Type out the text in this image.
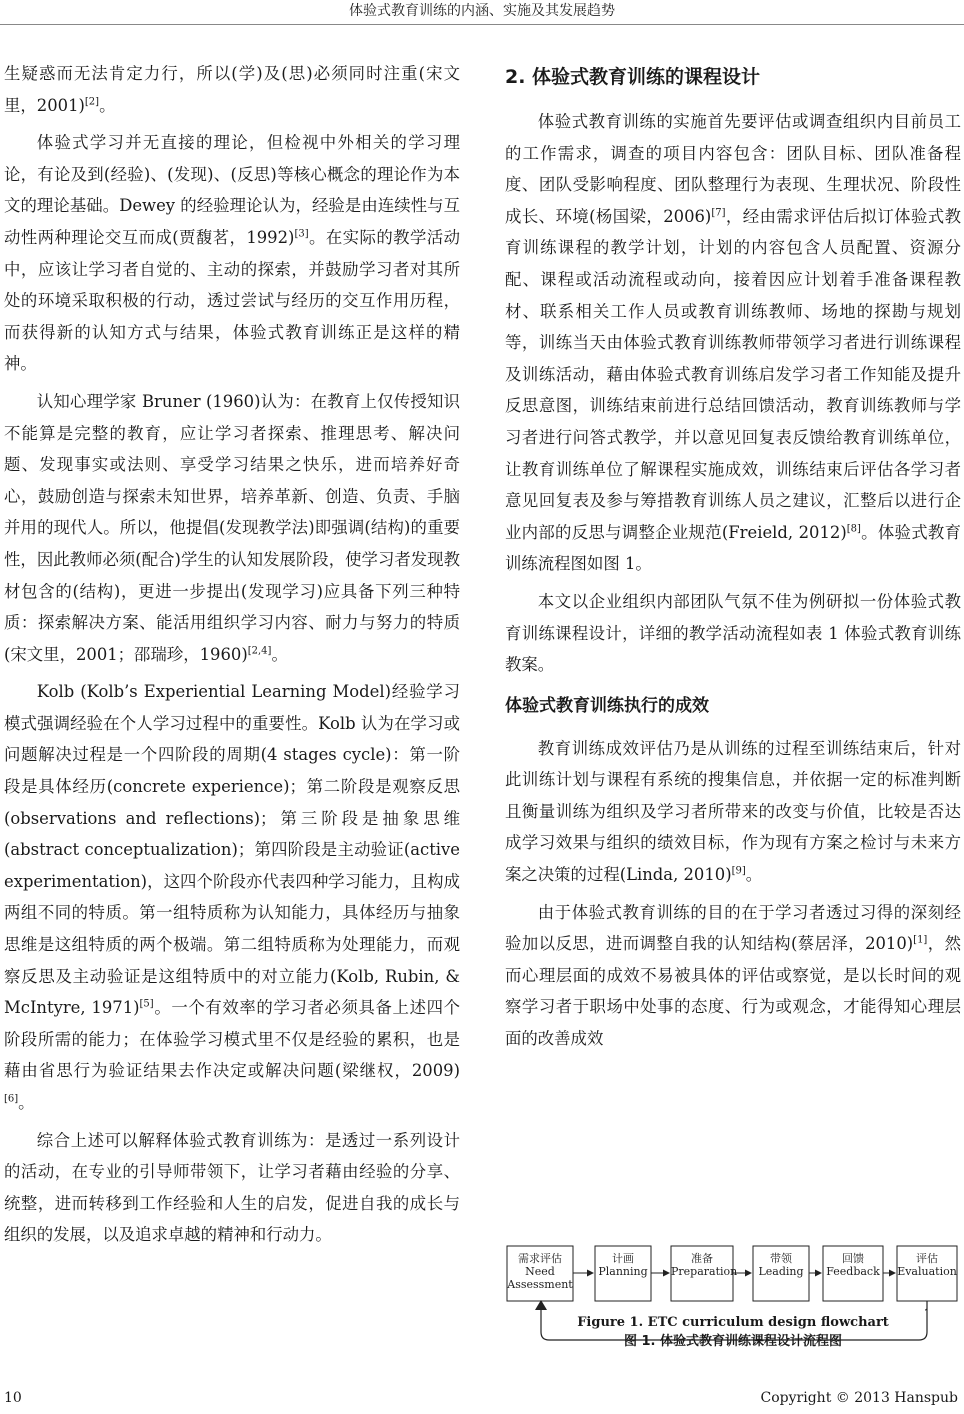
体验式教育训练的内涵、实施及其发展趋势

生疑惑而无法肯定力行，所以(学)及(思)必须同时注重(宋文里，2001)[2]。

体验式学习并无直接的理论，但检视中外相关的学习理论，有论及到(经验)、(发现)、(反思)等核心概念的理论作为本文的理论基础。Dewey 的经验理论认为，经验是由连续性与互动性两种理论交互而成(贾馥茗，1992)[3]。在实际的教学活动中，应该让学习者自觉的、主动的探索，并鼓励学习者对其所处的环境采取积极的行动，透过尝试与经历的交互作用历程，而获得新的认知方式与结果，体验式教育训练正是这样的精神。

认知心理学家 Bruner (1960)认为：在教育上仅传授知识不能算是完整的教育，应让学习者探索、推理思考、解决问题、发现事实或法则、享受学习结果之快乐，进而培养好奇心，鼓励创造与探索未知世界，培养革新、创造、负责、手脑并用的现代人。所以，他提倡(发现教学法)即强调(结构)的重要性，因此教师必须(配合)学生的认知发展阶段，使学习者发现教材包含的(结构)，更进一步提出(发现学习)应具备下列三种特质：探索解决方案、能活用组织学习内容、耐力与努力的特质(宋文里，2001；邵瑞珍，1960)[2,4]。

Kolb (Kolb’s Experiential Learning Model)经验学习模式强调经验在个人学习过程中的重要性。Kolb 认为在学习或问题解决过程是一个四阶段的周期(4 stages cycle)：第一阶段是具体经历(concrete experience)；第二阶段是观察反思(observations and reflections)；第三阶段是抽象思维(abstract conceptualization)；第四阶段是主动验证(active experimentation)，这四个阶段亦代表四种学习能力，且构成两组不同的特质。第一组特质称为认知能力，具体经历与抽象思维是这组特质的两个极端。第二组特质称为处理能力，而观察反思及主动验证是这组特质中的对立能力(Kolb, Rubin, & McIntyre, 1971)[5]。一个有效率的学习者必须具备上述四个阶段所需的能力；在体验学习模式里不仅是经验的累积，也是藉由省思行为验证结果去作决定或解决问题(梁继权，2009)[6]。

综合上述可以解释体验式教育训练为：是透过一系列设计的活动，在专业的引导师带领下，让学习者藉由经验的分享、统整，进而转移到工作经验和人生的启发，促进自我的成长与组织的发展，以及追求卓越的精神和行动力。

2. 体验式教育训练的课程设计

体验式教育训练的实施首先要评估或调查组织内目前员工的工作需求，调查的项目内容包含：团队目标、团队准备程度、团队受影响程度、团队整理行为表现、生理状况、阶段性成长、环境(杨国梁，2006)[7]，经由需求评估后拟订体验式教育训练课程的教学计划，计划的内容包含人员配置、资源分配、课程或活动流程或动向，接着因应计划着手准备课程教材、联系相关工作人员或教育训练教师、场地的探勘与规划等，训练当天由体验式教育训练教师带领学习者进行训练课程及训练活动，藉由体验式教育训练启发学习者工作知能及提升反思意图，训练结束前进行总结回馈活动，教育训练教师与学习者进行问答式教学，并以意见回复表反馈给教育训练单位，让教育训练单位了解课程实施成效，训练结束后评估各学习者意见回复表及参与筹措教育训练人员之建议，汇整后以进行企业内部的反思与调整企业规范(Freield, 2012)[8]。体验式教育训练流程图如图 1。

本文以企业组织内部团队气氛不佳为例研拟一份体验式教育训练课程设计，详细的教学活动流程如表 1 体验式教育训练教案。

体验式教育训练执行的成效

教育训练成效评估乃是从训练的过程至训练结束后，针对此训练计划与课程有系统的搜集信息，并依据一定的标准判断且衡量训练为组织及学习者所带来的改变与价值，比较是否达成学习效果与组织的绩效目标，作为现有方案之检讨与未来方案之决策的过程(Linda, 2010)[9]。

由于体验式教育训练的目的在于学习者透过习得的深刻经验加以反思，进而调整自我的认知结构(蔡居泽，2010)[1]，然而心理层面的成效不易被具体的评估或察觉，是以长时间的观察学习者于职场中处事的态度、行为或观念，才能得知心理层面的改善成效

需求评估
Need
Assessment
计画
Planning
准备
Preparation
带领
Leading
回馈
Feedback
评估
Evaluation
Figure 1. ETC curriculum design flowchart
图 1. 体验式教育训练课程设计流程图
10	Copyright © 2013 Hanspub
